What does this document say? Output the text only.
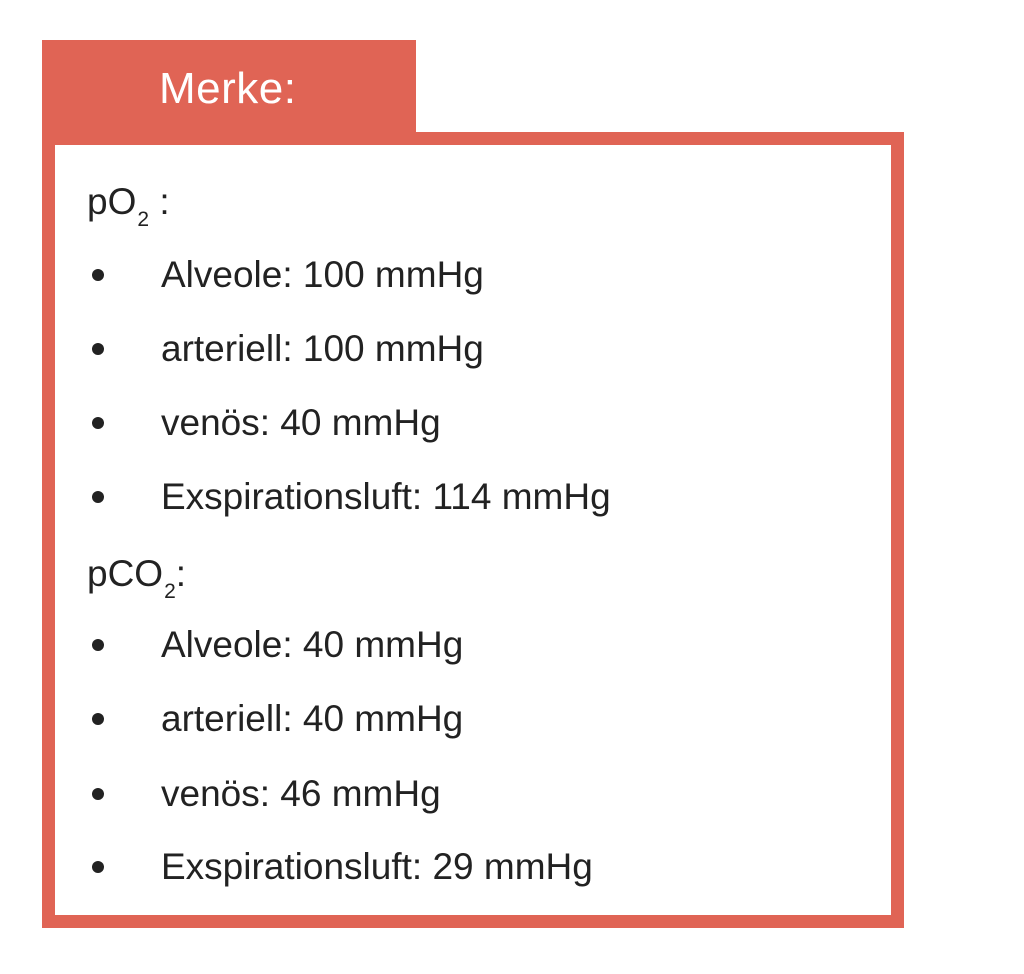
Merke:
$pO_2$ :
Alveole: 100 mmHg
arteriell: 100 mmHg
venös: 40 mmHg
Exspirationsluft: 114 mmHg
pCO$_2$:
Alveole: 40 mmHg
arteriell: 40 mmHg
venös: 46 mmHg
Exspirationsluft: 29 mmHg
